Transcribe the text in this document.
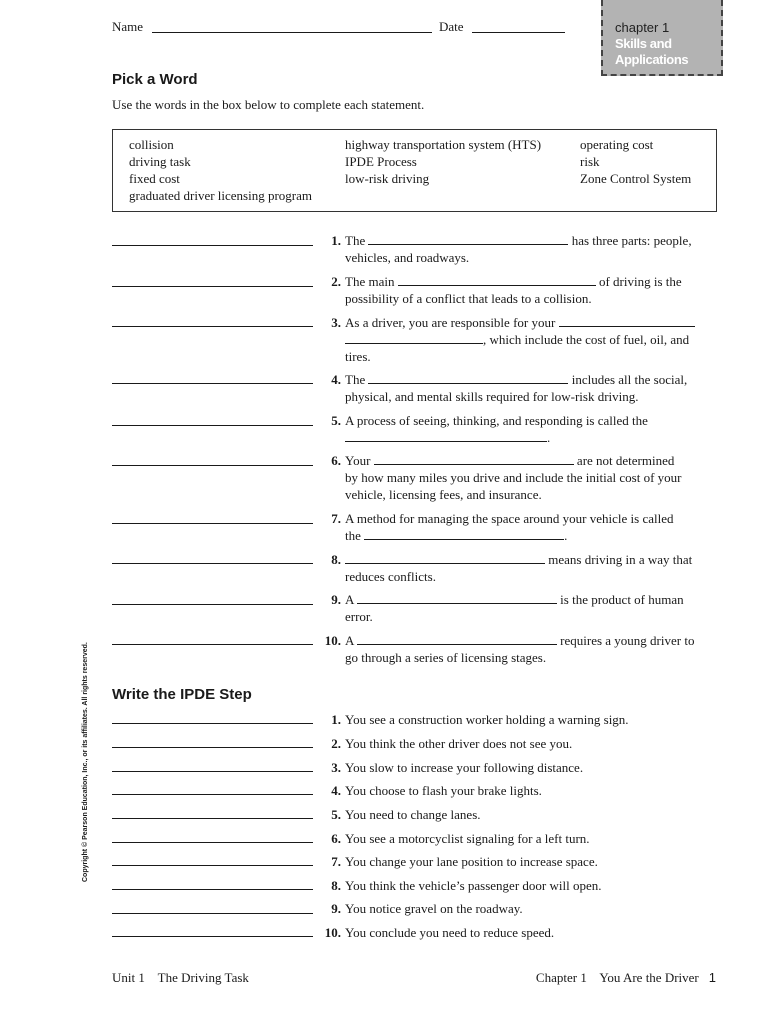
Name	Date	chapter 1
Skills and
Applications
Pick a Word
Use the words in the box below to complete each statement.
collision
driving task
fixed cost
graduated driver licensing program
highway transportation system (HTS)
IPDE Process
low-risk driving
operating cost
risk
Zone Control System
1. The	has three parts: people,
vehicles, and roadways.
2. The main	of driving is the
possibility of a conflict that leads to a collision.
3. As a driver, you are responsible for your
, which include the cost of fuel, oil, and
tires.
4. The	includes all the social,
physical, and mental skills required for low-risk driving.
5. A process of seeing, thinking, and responding is called the
.
6. Your	are not determined
by how many miles you drive and include the initial cost of your
vehicle, licensing fees, and insurance.
7. A method for managing the space around your vehicle is called
the	.
8.	means driving in a way that
reduces conflicts.
9. A	is the product of human
error.
10. A	requires a young driver to
go through a series of licensing stages.
Copyright © Pearson Education, Inc., or its affiliates. All rights reserved. Write the IPDE Step
1. You see a construction worker holding a warning sign.
2. You think the other driver does not see you.
3. You slow to increase your following distance.
4. You choose to flash your brake lights.
5. You need to change lanes.
6. You see a motorcyclist signaling for a left turn.
7. You change your lane position to increase space.
8. You think the vehicle’s passenger door will open.
9. You notice gravel on the roadway.
10. You conclude you need to reduce speed.
Unit 1    The Driving Task	Chapter 1    You Are the Driver 1
